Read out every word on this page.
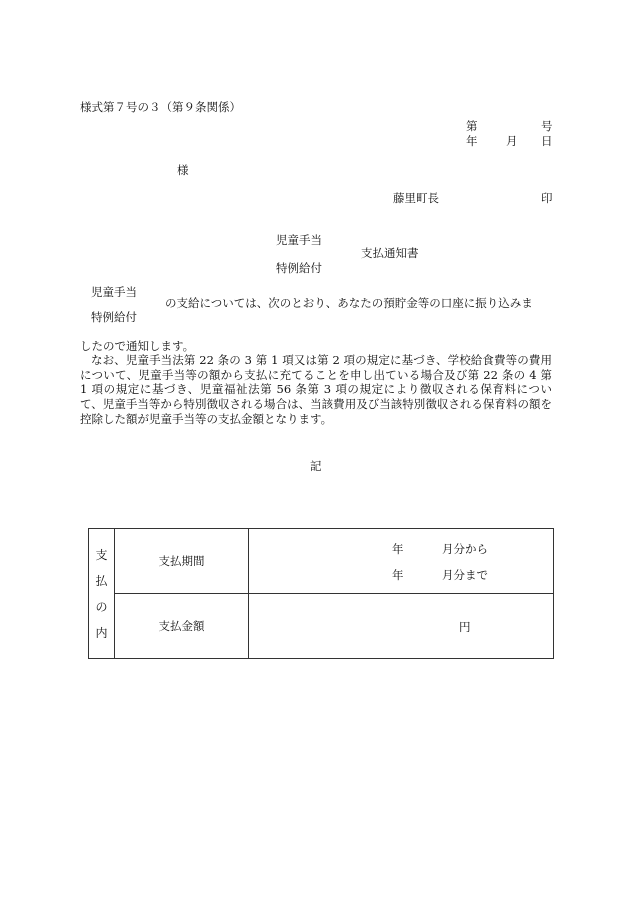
様式第７号の３（第９条関係）
第	号
年 月 日
様
藤里町長	印
児童手当
支払通知書
特例給付
児童手当
の支給については、次のとおり、あなたの預貯金等の口座に振り込みま
特例給付
したので通知します。
なお、児童手当法第 22 条の 3 第 1 項又は第 2 項の規定に基づき、学校給食費等の費用について、児童手当等の額から支払に充てることを申し出ている場合及び第 22 条の 4 第 1 項の規定に基づき、児童福祉法第 56 条第 3 項の規定により徴収される保育料について、児童手当等から特別徴収される場合は、当該費用及び当該特別徴収される保育料の額を控除した額が児童手当等の支払金額となります。
記
支
払
の
内	支払期間	年 月分から
年 月分まで

	支払金額	円
